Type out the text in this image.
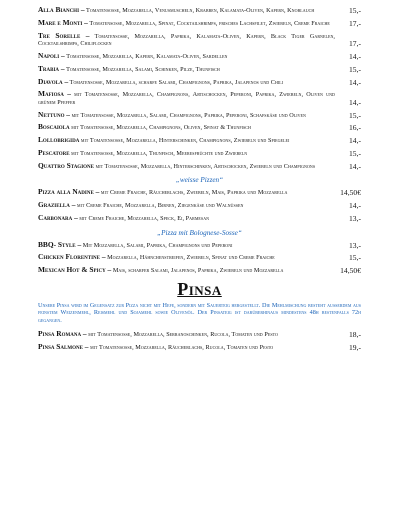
Alla Bianchi – Tomatensosse, Mozzarella, Venusmuscheln, Krabben, Kalamata-Oliven, Kapern, Knoblauch	15,-
Mare e Monti – Tomatensosse, Mozzarella, Spinat, Cocktailshrimps, frisches Lachsfilet, Zwiebeln, Creme Fraiche	17,-
Tre Sorelle – Tomatensosse, Mozzarella, Paprika, Kalamata-Oliven, Kapern, Black Tiger Garnelen, Cocktailshrimps, Chiliflocken	17,-
Napoli – Tomatensosse, Mozzarella, Kapern, Kalamata-Oliven, Sardellen	14,-
Trabia – Tomatensosse, Mozzarella, Salami, Schinken, Pilze, Thunfisch	15,-
Diavola – Tomatensosse, Mozzarella, scharfe Salami, Champignons, Paprika, Jalapenos und Chili	14,-
Mafiosa – mit Tomatensosse, Mozzarella, Champignons, Artischocken, Peperoni, Paprika, Zwiebeln, Oliven und grünem Pfeffer	14,-
Nettuno – mit Tomatensosse, Mozzarella, Salami, Champignons, Paprika, Peperoni, Schafskäse und Oliven	15,-
Boscaiola mit Tomatensosse, Mozzarella, Champignons, Oliven, Spinat & Thunfisch	16,-
Lollobrigida mit Tomatensosse, Mozzarella, Hinterschinken, Champignons, Zwiebeln und Spiegelei	14,-
Pescatore mit Tomatensosse, Mozzarella, Thunfisch, Meeresfrüchte und Zwiebeln	15,-
Quattro Stagione mit Tomatensosse, Mozzarella, Hinterschinken, Artischocken, Zwiebeln und Champignons	14,-
„weisse Pizzen“
Pizza alla Nadine – mit Creme Fraiche, Räucherlachs, Zwiebeln, Mais, Paprika und Mozzarella	14,50€
Graziella – mit Creme Fraiche, Mozzarella, Birnen, Ziegenkäse und Walnüssen	14,-
Carbonara – mit Creme Fraiche, Mozzarella, Speck, Ei, Parmesan	13,-
„Pizza mit Bolognese-Sosse“
BBQ- Style – Mit Mozzarella, Salami, Paprika, Champignons und Peperoni	13,-
Chicken Florentine – Mozzarella, Hähnchenstreifen, Zwiebeln, Spinat und Creme Fraiche	15,-
Mexican Hot & Spicy – Mais, scharfer Salami, Jalapenos, Paprika, Zwiebeln und Mozzarella	14,50€
Pinsa
Unsere Pinsa wird im Gegensatz zur Pizza nicht mit Hefe, sondern mit Sauerteig hergestellt. Die Mehlmischung besteht ausserdem aus feinstem Weizenmehl, Reismehl und Sojamehl sowie Olivenöl. Der Pinsateig ist darüberhinaus mindestens 48h bestenfalls 72h gegangen.
Pinsa Romana – mit Tomatensosse, Mozzarella, Serranoschinken, Rucola, Tomaten und Pesto	18,-
Pinsa Salmone – mit Tomatensosse, Mozzarella, Räucherlachs, Rucola, Tomaten und Pesto	19,-
